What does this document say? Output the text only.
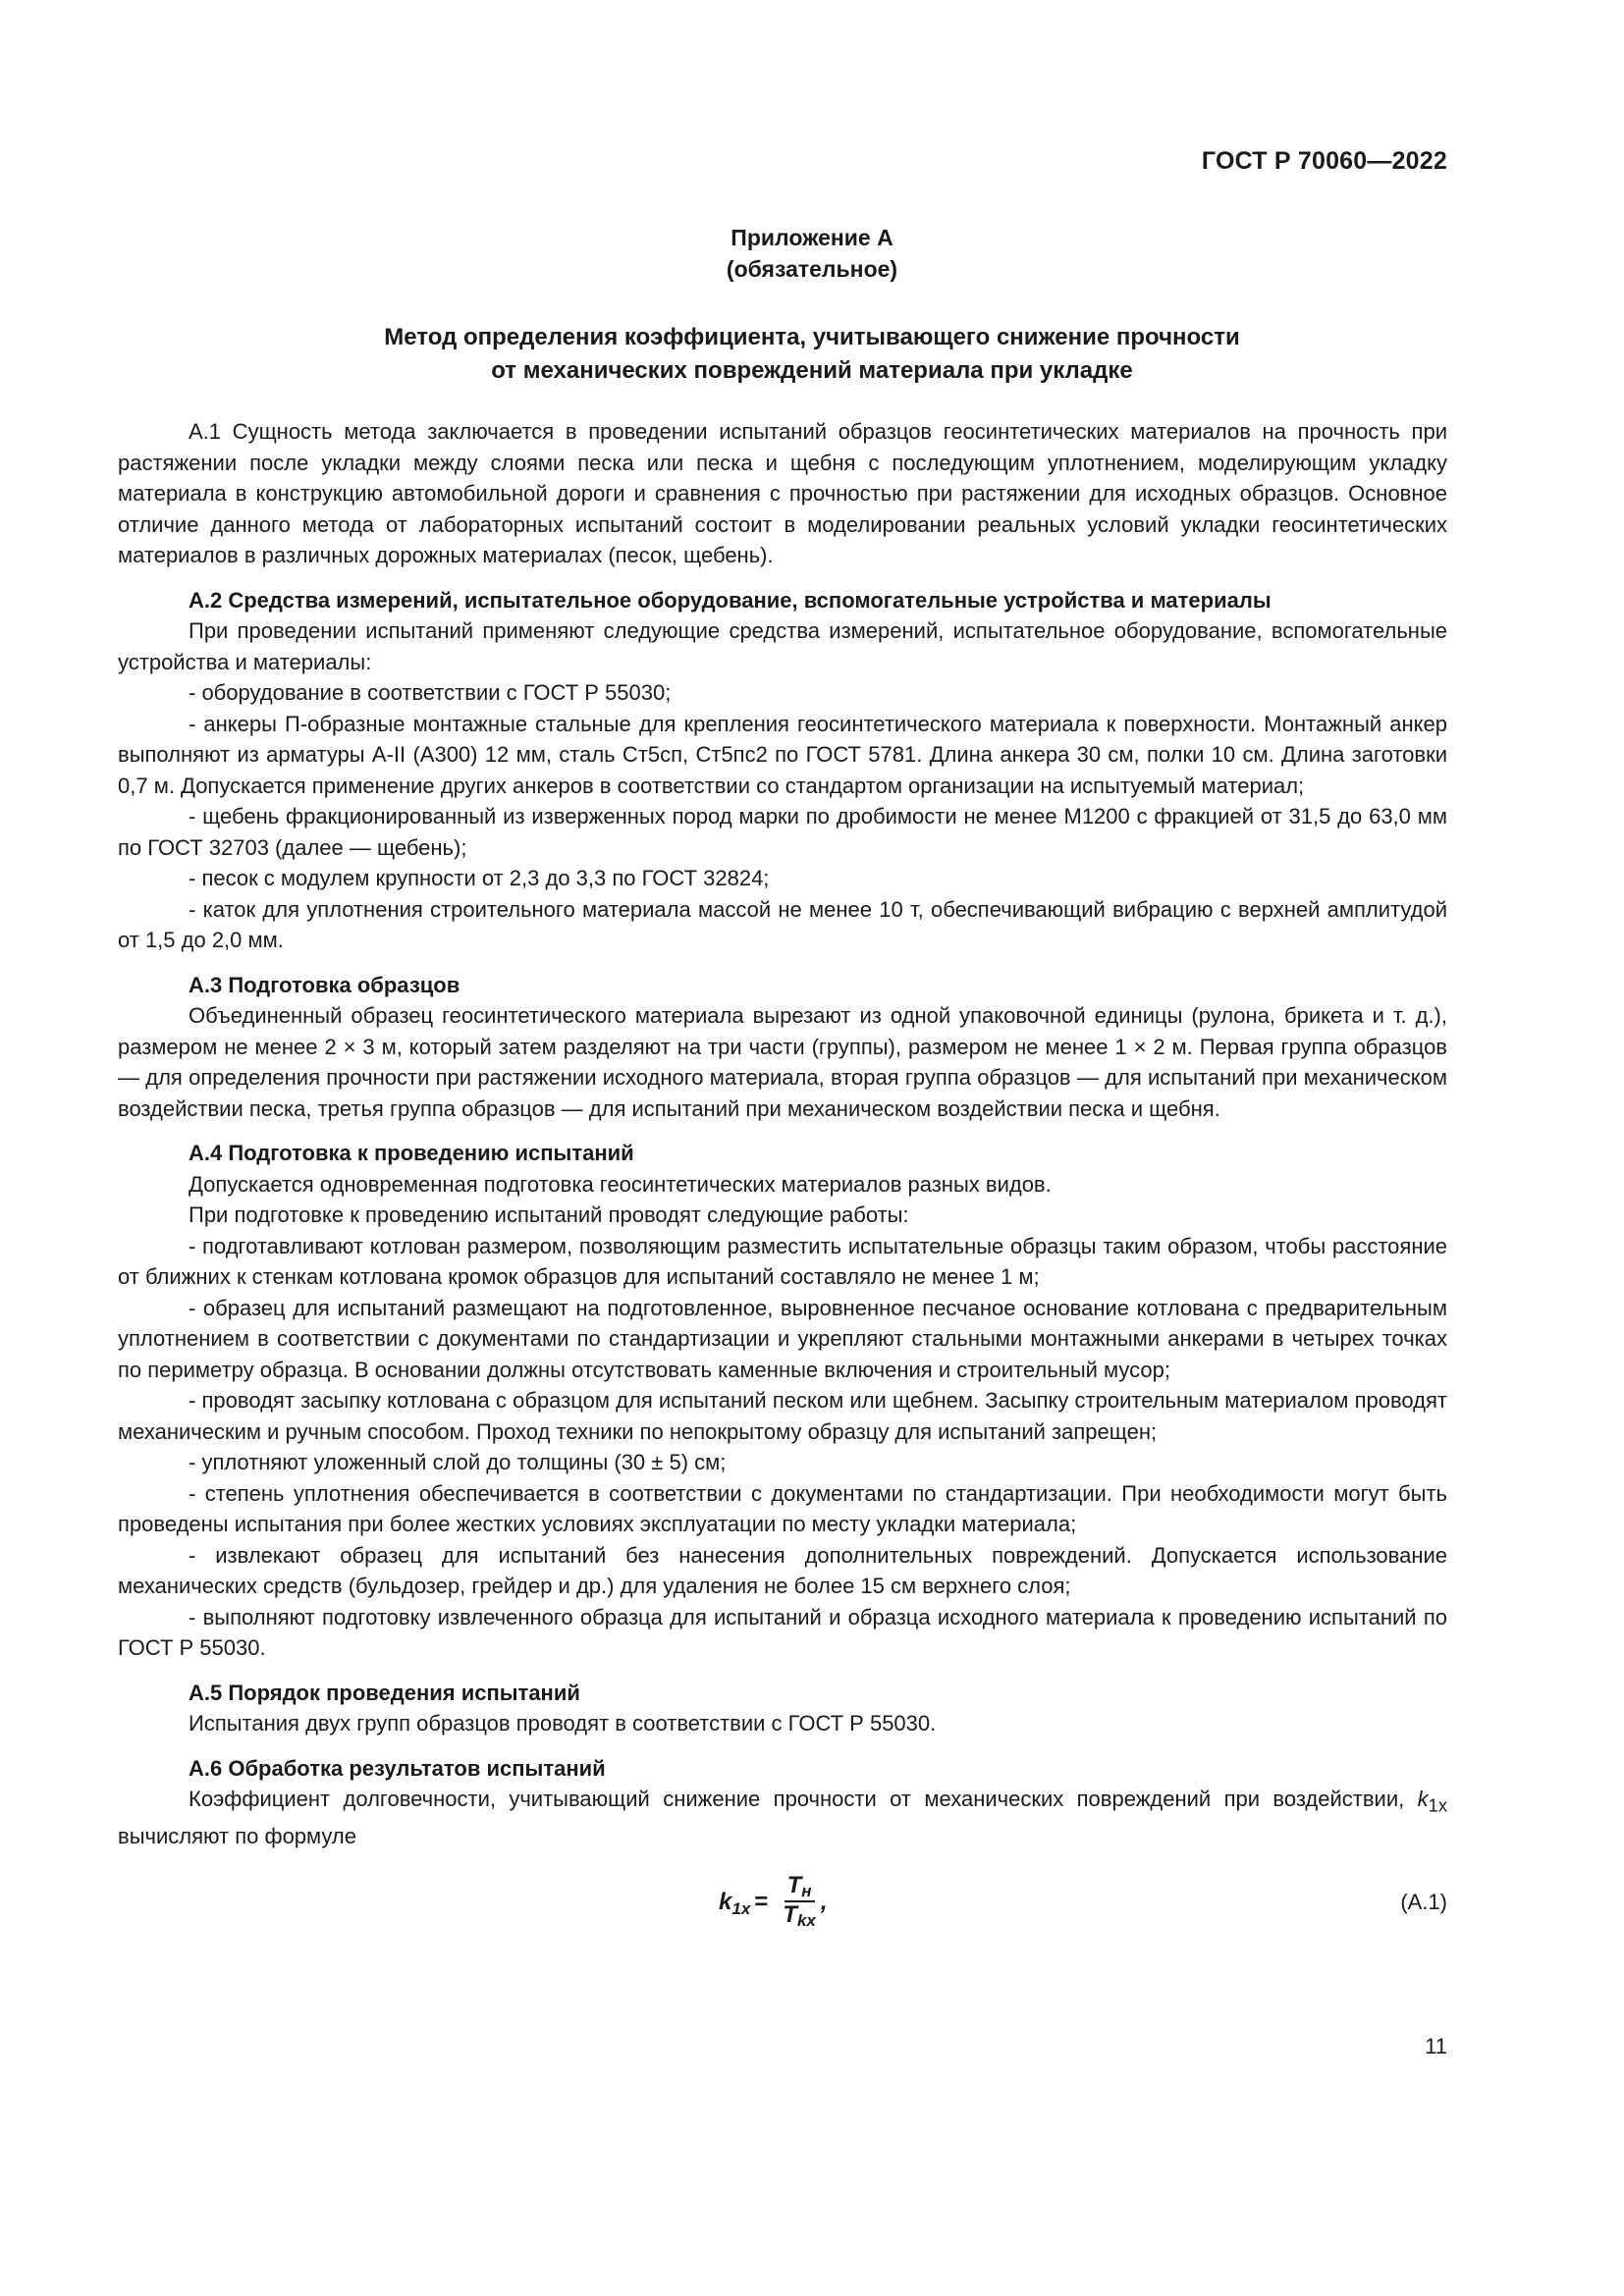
ГОСТ Р 70060—2022
Приложение А
(обязательное)
Метод определения коэффициента, учитывающего снижение прочности
от механических повреждений материала при укладке

А.1 Сущность метода заключается в проведении испытаний образцов геосинтетических материалов на прочность при растяжении после укладки между слоями песка или песка и щебня с последующим уплотнением, моделирующим укладку материала в конструкцию автомобильной дороги и сравнения с прочностью при растяжении для исходных образцов. Основное отличие данного метода от лабораторных испытаний состоит в моделировании реальных условий укладки геосинтетических материалов в различных дорожных материалах (песок, щебень).

А.2 Средства измерений, испытательное оборудование, вспомогательные устройства и материалы

При проведении испытаний применяют следующие средства измерений, испытательное оборудование, вспомогательные устройства и материалы:

- оборудование в соответствии с ГОСТ Р 55030;

- анкеры П-образные монтажные стальные для крепления геосинтетического материала к поверхности. Монтажный анкер выполняют из арматуры А-II (А300) 12 мм, сталь Ст5сп, Ст5пс2 по ГОСТ 5781. Длина анкера 30 см, полки 10 см. Длина заготовки 0,7 м. Допускается применение других анкеров в соответствии со стандартом организации на испытуемый материал;

- щебень фракционированный из изверженных пород марки по дробимости не менее М1200 с фракцией от 31,5 до 63,0 мм по ГОСТ 32703 (далее — щебень);

- песок с модулем крупности от 2,3 до 3,3 по ГОСТ 32824;

- каток для уплотнения строительного материала массой не менее 10 т, обеспечивающий вибрацию с верхней амплитудой от 1,5 до 2,0 мм.

А.3 Подготовка образцов

Объединенный образец геосинтетического материала вырезают из одной упаковочной единицы (рулона, брикета и т. д.), размером не менее 2 × 3 м, который затем разделяют на три части (группы), размером не менее 1 × 2 м. Первая группа образцов — для определения прочности при растяжении исходного материала, вторая группа образцов — для испытаний при механическом воздействии песка, третья группа образцов — для испытаний при механическом воздействии песка и щебня.

А.4 Подготовка к проведению испытаний

Допускается одновременная подготовка геосинтетических материалов разных видов.

При подготовке к проведению испытаний проводят следующие работы:

- подготавливают котлован размером, позволяющим разместить испытательные образцы таким образом, чтобы расстояние от ближних к стенкам котлована кромок образцов для испытаний составляло не менее 1 м;

- образец для испытаний размещают на подготовленное, выровненное песчаное основание котлована с предварительным уплотнением в соответствии с документами по стандартизации и укрепляют стальными монтажными анкерами в четырех точках по периметру образца. В основании должны отсутствовать каменные включения и строительный мусор;

- проводят засыпку котлована с образцом для испытаний песком или щебнем. Засыпку строительным материалом проводят механическим и ручным способом. Проход техники по непокрытому образцу для испытаний запрещен;

- уплотняют уложенный слой до толщины (30 ± 5) см;

- степень уплотнения обеспечивается в соответствии с документами по стандартизации. При необходимости могут быть проведены испытания при более жестких условиях эксплуатации по месту укладки материала;

- извлекают образец для испытаний без нанесения дополнительных повреждений. Допускается использование механических средств (бульдозер, грейдер и др.) для удаления не более 15 см верхнего слоя;

- выполняют подготовку извлеченного образца для испытаний и образца исходного материала к проведению испытаний по ГОСТ Р 55030.

А.5 Порядок проведения испытаний

Испытания двух групп образцов проводят в соответствии с ГОСТ Р 55030.

А.6 Обработка результатов испытаний

Коэффициент долговечности, учитывающий снижение прочности от механических повреждений при воздействии, $k_{1x}$ вычисляют по формуле

k $1x = \frac{Tн}{\text{Tkx}}$ ,	(А.1)
11
